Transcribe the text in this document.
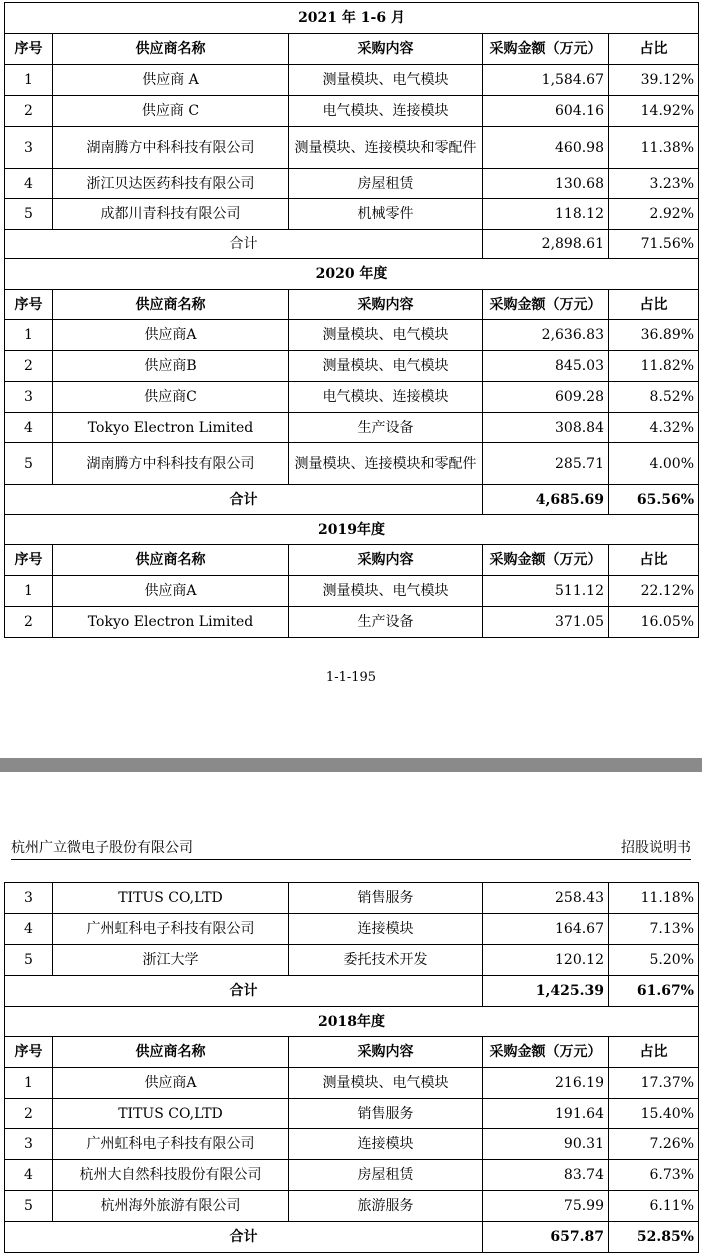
2021 年 1-6 月				
序号	供应商名称	采购内容	采购金额（万元）	占比
1	供应商 A	测量模块、电气模块	1,584.67	39.12%
2	供应商 C	电气模块、连接模块	604.16	14.92%
3	湖南腾方中科科技有限公司	测量模块、连接模块和零配件	460.98	11.38%
4	浙江贝达医药科技有限公司	房屋租赁	130.68	3.23%
5	成都川青科技有限公司	机械零件	118.12	2.92%
合计			2,898.61	71.56%
2020 年度				
序号	供应商名称	采购内容	采购金额（万元）	占比
1	供应商A	测量模块、电气模块	2,636.83	36.89%
2	供应商B	测量模块、电气模块	845.03	11.82%
3	供应商C	电气模块、连接模块	609.28	8.52%
4	Tokyo Electron Limited	生产设备	308.84	4.32%
5	湖南腾方中科科技有限公司	测量模块、连接模块和零配件	285.71	4.00%
合计			4,685.69	65.56%
2019年度				
序号	供应商名称	采购内容	采购金额（万元）	占比
1	供应商A	测量模块、电气模块	511.12	22.12%
2	Tokyo Electron Limited	生产设备	371.05	16.05%
1-1-195
杭州广立微电子股份有限公司	招股说明书
3	TITUS CO,LTD	销售服务	258.43	11.18%
4	广州虹科电子科技有限公司	连接模块	164.67	7.13%
5	浙江大学	委托技术开发	120.12	5.20%
合计			1,425.39	61.67%
2018年度				
序号	供应商名称	采购内容	采购金额（万元）	占比
1	供应商A	测量模块、电气模块	216.19	17.37%
2	TITUS CO,LTD	销售服务	191.64	15.40%
3	广州虹科电子科技有限公司	连接模块	90.31	7.26%
4	杭州大自然科技股份有限公司	房屋租赁	83.74	6.73%
5	杭州海外旅游有限公司	旅游服务	75.99	6.11%
合计			657.87	52.85%
